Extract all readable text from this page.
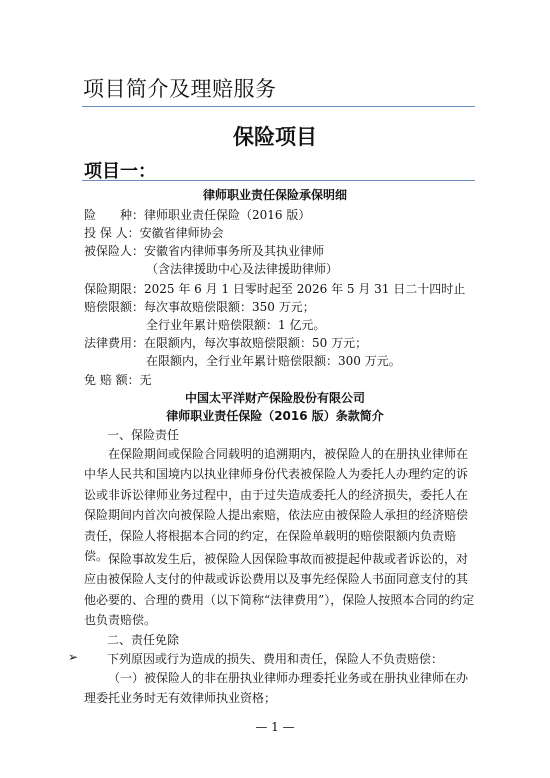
项目简介及理赔服务
保险项目
项目一：
律师职业责任保险承保明细
险　　种：律师职业责任保险（2016 版）
投 保 人：安徽省律师协会
被保险人：安徽省内律师事务所及其执业律师
（含法律援助中心及法律援助律师）
保险期限：2025 年 6 月 1 日零时起至 2026 年 5 月 31 日二十四时止
赔偿限额：每次事故赔偿限额：350 万元；
全行业年累计赔偿限额：1 亿元。
法律费用：在限额内，每次事故赔偿限额：50 万元；
在限额内，全行业年累计赔偿限额：300 万元。
免 赔 额：无
中国太平洋财产保险股份有限公司
律师职业责任保险（2016 版）条款简介
一、保险责任
在保险期间或保险合同载明的追溯期内，被保险人的在册执业律师在中华人民共和国境内以执业律师身份代表被保险人为委托人办理约定的诉讼或非诉讼律师业务过程中，由于过失造成委托人的经济损失，委托人在保险期间内首次向被保险人提出索赔，依法应由被保险人承担的经济赔偿责任，保险人将根据本合同的约定，在保险单载明的赔偿限额内负责赔偿。 保险事故发生后，被保险人因保险事故而被提起仲裁或者诉讼的，对应由被保险人支付的仲裁或诉讼费用以及事先经保险人书面同意支付的其他必要的、合理的费用（以下简称“法律费用”），保险人按照本合同的约定也负责赔偿。
二、责任免除
➢ 下列原因或行为造成的损失、费用和责任，保险人不负责赔偿：
（一）被保险人的非在册执业律师办理委托业务或在册执业律师在办理委托业务时无有效律师执业资格；
— 1 —
